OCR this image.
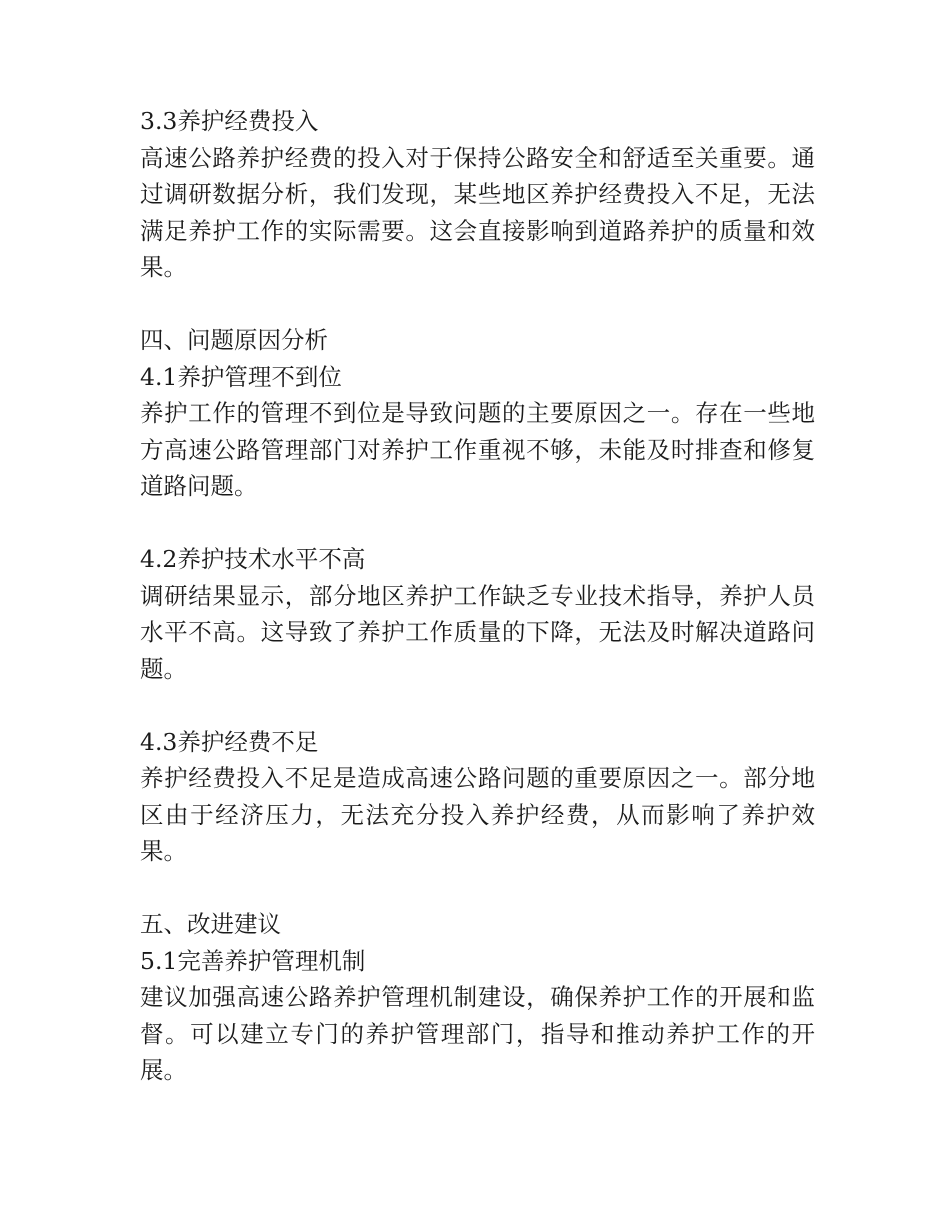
3.3养护经费投入
高速公路养护经费的投入对于保持公路安全和舒适至关重要。通过调研数据分析，我们发现，某些地区养护经费投入不足，无法满足养护工作的实际需要。这会直接影响到道路养护的质量和效果。
四、问题原因分析
4.1养护管理不到位
养护工作的管理不到位是导致问题的主要原因之一。存在一些地方高速公路管理部门对养护工作重视不够，未能及时排查和修复道路问题。
4.2养护技术水平不高
调研结果显示，部分地区养护工作缺乏专业技术指导，养护人员水平不高。这导致了养护工作质量的下降，无法及时解决道路问题。
4.3养护经费不足
养护经费投入不足是造成高速公路问题的重要原因之一。部分地区由于经济压力，无法充分投入养护经费，从而影响了养护效果。
五、改进建议
5.1完善养护管理机制
建议加强高速公路养护管理机制建设，确保养护工作的开展和监督。可以建立专门的养护管理部门，指导和推动养护工作的开展。
